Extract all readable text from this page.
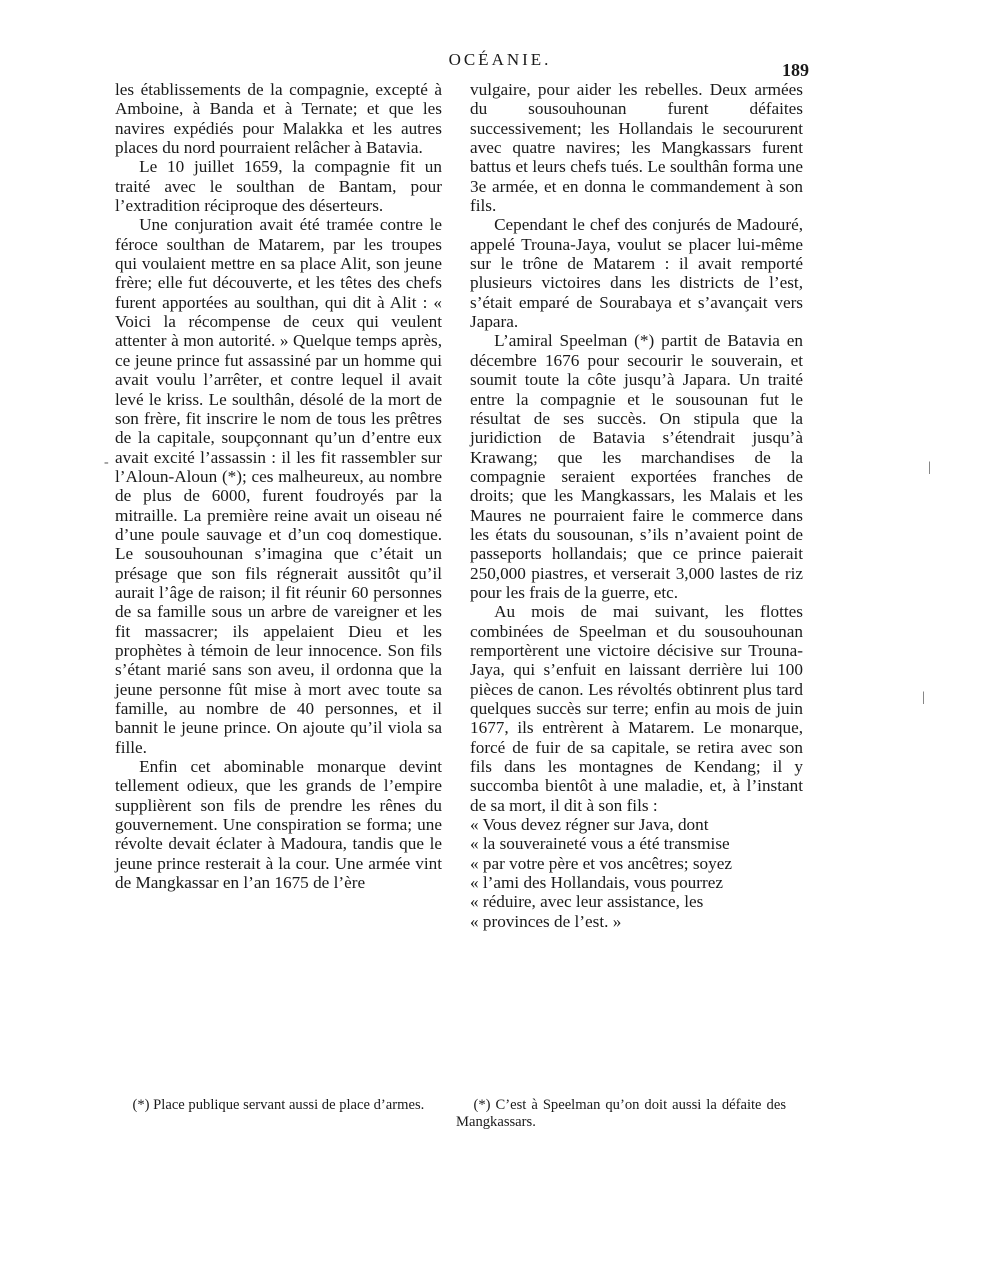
OCÉANIE.
189

les établissements de la compagnie, excepté à Amboine, à Banda et à Ternate; et que les navires expédiés pour Malakka et les autres places du nord pourraient relâcher à Batavia.

Le 10 juillet 1659, la compagnie fit un traité avec le soulthan de Bantam, pour l’extradition réciproque des déserteurs.

Une conjuration avait été tramée contre le féroce soulthan de Matarem, par les troupes qui voulaient mettre en sa place Alit, son jeune frère; elle fut découverte, et les têtes des chefs furent apportées au soulthan, qui dit à Alit : « Voici la récompense de ceux qui veulent attenter à mon autorité. » Quelque temps après, ce jeune prince fut assassiné par un homme qui avait voulu l’arrêter, et contre lequel il avait levé le kriss. Le soulthân, désolé de la mort de son frère, fit inscrire le nom de tous les prêtres de la capitale, soupçonnant qu’un d’entre eux avait excité l’assassin : il les fit rassembler sur l’Aloun-Aloun (*); ces malheureux, au nombre de plus de 6000, furent foudroyés par la mitraille. La première reine avait un oiseau né d’une poule sauvage et d’un coq domestique. Le sousouhounan s’imagina que c’était un présage que son fils régnerait aussitôt qu’il aurait l’âge de raison; il fit réunir 60 personnes de sa famille sous un arbre de vareigner et les fit massacrer; ils appelaient Dieu et les prophètes à témoin de leur innocence. Son fils s’étant marié sans son aveu, il ordonna que la jeune personne fût mise à mort avec toute sa famille, au nombre de 40 personnes, et il bannit le jeune prince. On ajoute qu’il viola sa fille.

Enfin cet abominable monarque devint tellement odieux, que les grands de l’empire supplièrent son fils de prendre les rênes du gouvernement. Une conspiration se forma; une révolte devait éclater à Madoura, tandis que le jeune prince resterait à la cour. Une armée vint de Mangkassar en l’an 1675 de l’ère

vulgaire, pour aider les rebelles. Deux armées du sousouhounan furent défaites successivement; les Hollandais le secoururent avec quatre navires; les Mangkassars furent battus et leurs chefs tués. Le soulthân forma une 3e armée, et en donna le commandement à son fils.

Cependant le chef des conjurés de Madouré, appelé Trouna-Jaya, voulut se placer lui-même sur le trône de Matarem : il avait remporté plusieurs victoires dans les districts de l’est, s’était emparé de Sourabaya et s’avançait vers Japara.

L’amiral Speelman (*) partit de Batavia en décembre 1676 pour secourir le souverain, et soumit toute la côte jusqu’à Japara. Un traité entre la compagnie et le sousounan fut le résultat de ses succès. On stipula que la juridiction de Batavia s’étendrait jusqu’à Krawang; que les marchandises de la compagnie seraient exportées franches de droits; que les Mangkassars, les Malais et les Maures ne pourraient faire le commerce dans les états du sousounan, s’ils n’avaient point de passeports hollandais; que ce prince paierait 250,000 piastres, et verserait 3,000 lastes de riz pour les frais de la guerre, etc.

Au mois de mai suivant, les flottes combinées de Speelman et du sousouhounan remportèrent une victoire décisive sur Trouna-Jaya, qui s’enfuit en laissant derrière lui 100 pièces de canon. Les révoltés obtinrent plus tard quelques succès sur terre; enfin au mois de juin 1677, ils entrèrent à Matarem. Le monarque, forcé de fuir de sa capitale, se retira avec son fils dans les montagnes de Kendang; il y succomba bientôt à une maladie, et, à l’instant de sa mort, il dit à son fils :

« Vous devez régner sur Java, dont

« la souveraineté vous a été transmise

« par votre père et vos ancêtres; soyez

« l’ami des Hollandais, vous pourrez

« réduire, avec leur assistance, les

« provinces de l’est. »

(*) Place publique servant aussi de place d’armes.	(*) C’est à Speelman qu’on doit aussi la défaite des Mangkassars.

-	|
|
